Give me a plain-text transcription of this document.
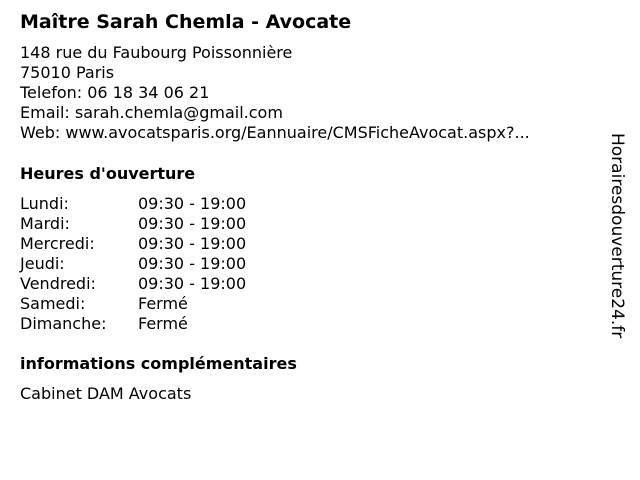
Maître Sarah Chemla - Avocate
148 rue du Faubourg Poissonnière
75010 Paris
Telefon: 06 18 34 06 21
Email: sarah.chemla@gmail.com
Web: www.avocatsparis.org/Eannuaire/CMSFicheAvocat.aspx?...
Heures d'ouverture
Lundi:	09:30 - 19:00
Mardi:	09:30 - 19:00
Mercredi:	09:30 - 19:00
Jeudi:	09:30 - 19:00
Vendredi:	09:30 - 19:00
Samedi:	Fermé
Dimanche:	Fermé
informations complémentaires
Cabinet DAM Avocats
Horairesdouverture24.fr
